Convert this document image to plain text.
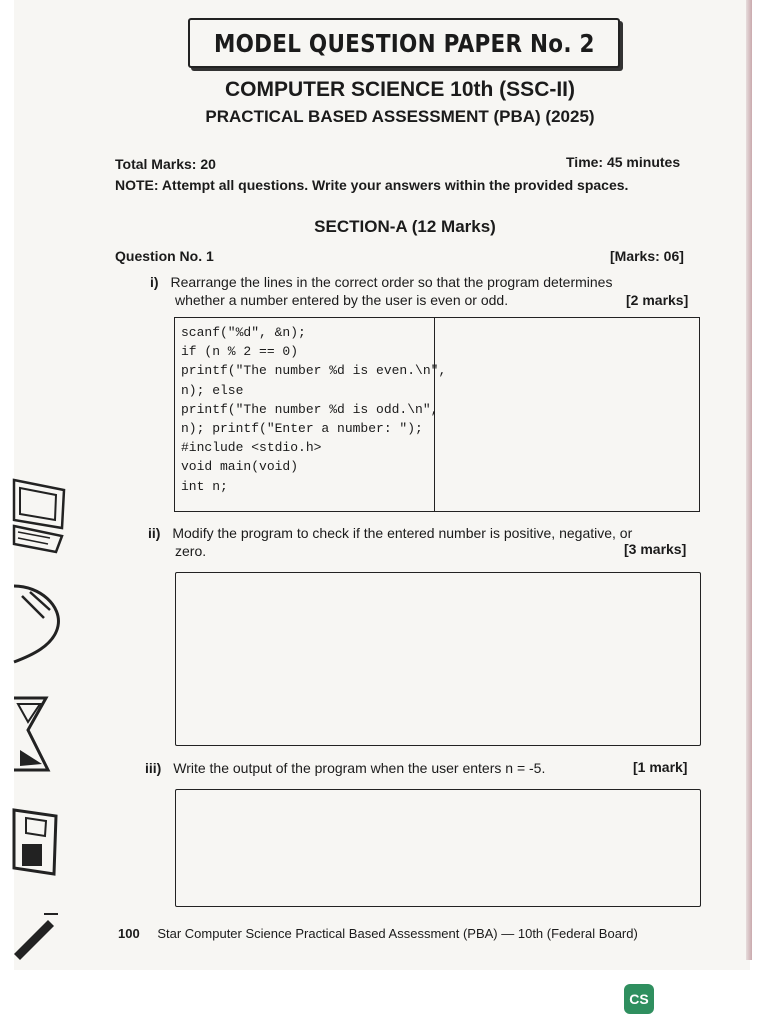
MODEL QUESTION PAPER No. 2
COMPUTER SCIENCE 10th (SSC-II)
PRACTICAL BASED ASSESSMENT (PBA) (2025)
Total Marks: 20	Time: 45 minutes
NOTE: Attempt all questions. Write your answers within the provided spaces.
SECTION-A (12 Marks)
Question No. 1	[Marks: 06]
i) Rearrange the lines in the correct order so that the program determines
whether a number entered by the user is even or odd.	[2 marks]
scanf("%d", &n);
if (n % 2 == 0)
printf("The number %d is even.\n",
n); else
printf("The number %d is odd.\n",
n); printf("Enter a number: ");
#include <stdio.h>
void main(void)
int n;
ii) Modify the program to check if the entered number is positive, negative, or
zero.	[3 marks]
iii) Write the output of the program when the user enters n = -5.	[1 mark]
100 Star Computer Science Practical Based Assessment (PBA) — 10th (Federal Board)
CS
